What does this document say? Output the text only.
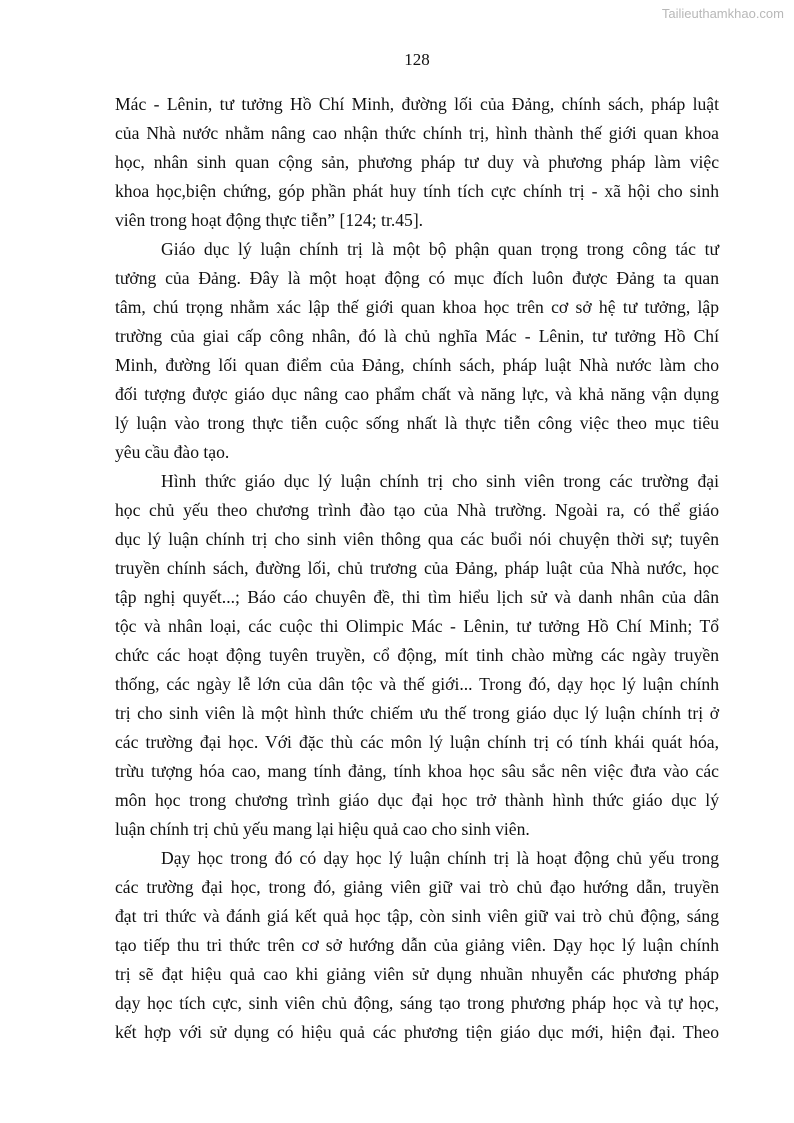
Tailieuthamkhao.com
128
Mác - Lênin, tư tưởng Hồ Chí Minh, đường lối của Đảng, chính sách, pháp luật
của Nhà nước nhằm nâng cao nhận thức chính trị, hình thành thế giới quan khoa
học, nhân sinh quan cộng sản, phương pháp tư duy và phương pháp làm việc
khoa học,biện chứng, góp phần phát huy tính tích cực chính trị - xã hội cho sinh
viên trong hoạt động thực tiễn” [124; tr.45].
Giáo dục lý luận chính trị là một bộ phận quan trọng trong công tác tư
tưởng của Đảng. Đây là một hoạt động có mục đích luôn được Đảng ta quan
tâm, chú trọng nhằm xác lập thế giới quan khoa học trên cơ sở hệ tư tưởng, lập
trường của giai cấp công nhân, đó là chủ nghĩa Mác - Lênin, tư tưởng Hồ Chí
Minh, đường lối quan điểm của Đảng, chính sách, pháp luật Nhà nước làm cho
đối tượng được giáo dục nâng cao phẩm chất và năng lực, và khả năng vận dụng
lý luận vào trong thực tiễn cuộc sống nhất là thực tiễn công việc theo mục tiêu
yêu cầu đào tạo.
Hình thức giáo dục lý luận chính trị cho sinh viên trong các trường đại
học chủ yếu theo chương trình đào tạo của Nhà trường. Ngoài ra, có thể giáo
dục lý luận chính trị cho sinh viên thông qua các buổi nói chuyện thời sự; tuyên
truyền chính sách, đường lối, chủ trương của Đảng, pháp luật của Nhà nước, học
tập nghị quyết...; Báo cáo chuyên đề, thi tìm hiểu lịch sử và danh nhân của dân
tộc và nhân loại, các cuộc thi Olimpic Mác - Lênin, tư tưởng Hồ Chí Minh; Tổ
chức các hoạt động tuyên truyền, cổ động, mít tinh chào mừng các ngày truyền
thống, các ngày lễ lớn của dân tộc và thế giới... Trong đó, dạy học lý luận chính
trị cho sinh viên là một hình thức chiếm ưu thế trong giáo dục lý luận chính trị ở
các trường đại học. Với đặc thù các môn lý luận chính trị có tính khái quát hóa,
trừu tượng hóa cao, mang tính đảng, tính khoa học sâu sắc nên việc đưa vào các
môn học trong chương trình giáo dục đại học trở thành hình thức giáo dục lý
luận chính trị chủ yếu mang lại hiệu quả cao cho sinh viên.
Dạy học trong đó có dạy học lý luận chính trị là hoạt động chủ yếu trong
các trường đại học, trong đó, giảng viên giữ vai trò chủ đạo hướng dẫn, truyền
đạt tri thức và đánh giá kết quả học tập, còn sinh viên giữ vai trò chủ động, sáng
tạo tiếp thu tri thức trên cơ sở hướng dẫn của giảng viên. Dạy học lý luận chính
trị sẽ đạt hiệu quả cao khi giảng viên sử dụng nhuần nhuyễn các phương pháp
dạy học tích cực, sinh viên chủ động, sáng tạo trong phương pháp học và tự học,
kết hợp với sử dụng có hiệu quả các phương tiện giáo dục mới, hiện đại. Theo
